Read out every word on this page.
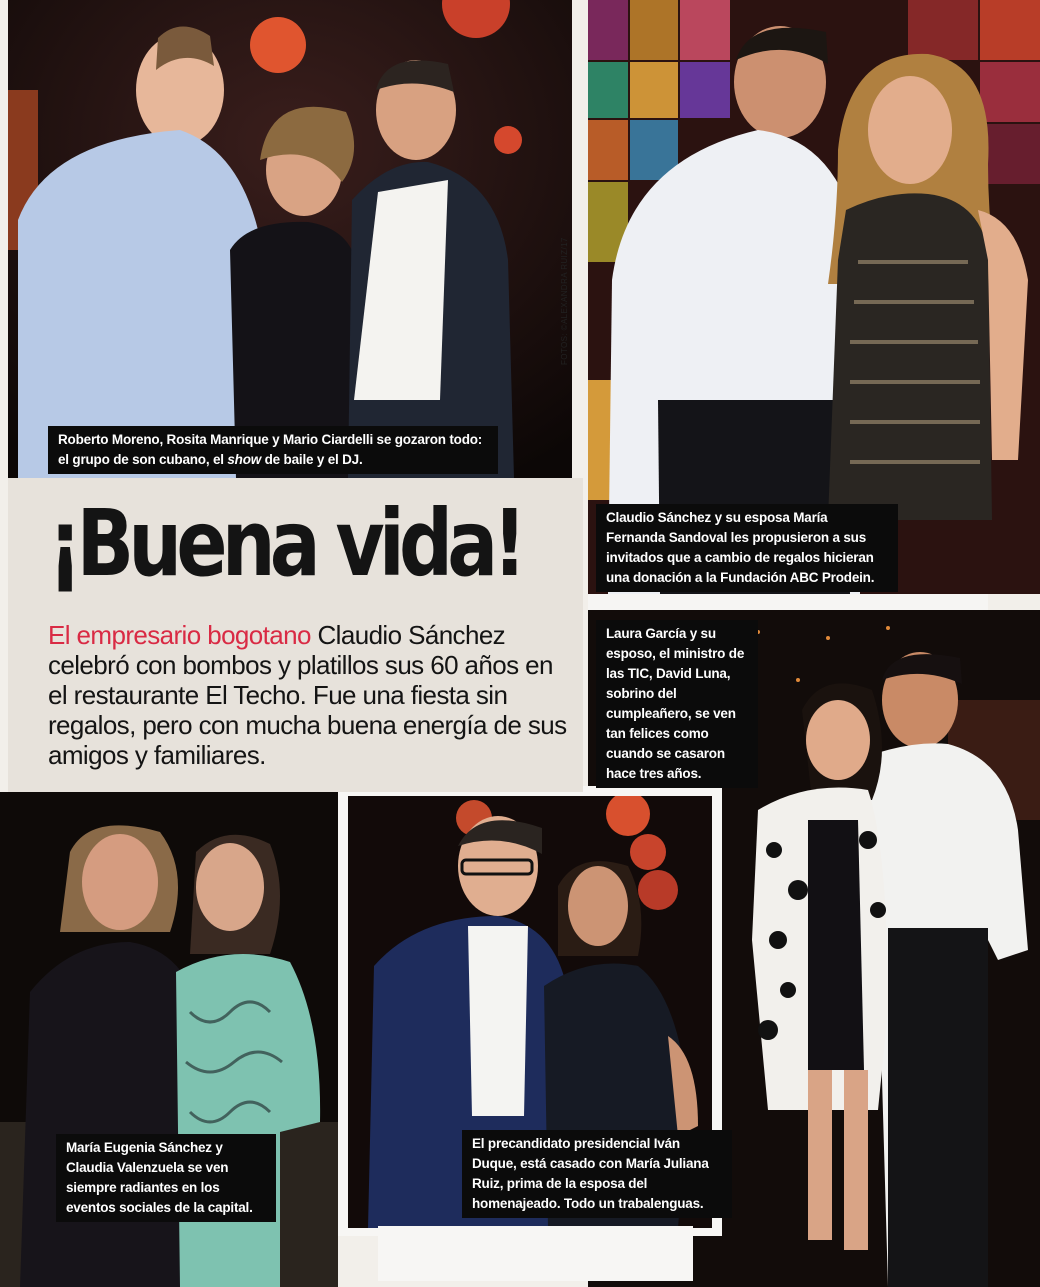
¡Buena vida!

El empresario bogotano Claudio Sánchez celebró con bombos y platillos sus 60 años en el restaurante El Techo. Fue una fiesta sin regalos, pero con mucha buena energía de sus amigos y familiares.

FOTOS: ©ALEXANDRA RUIZ/17
Roberto Moreno, Rosita Manrique y Mario Ciardelli se gozaron todo: el grupo de son cubano, el show de baile y el DJ.
Claudio Sánchez y su esposa María Fernanda Sandoval les propusieron a sus invitados que a cambio de regalos hicieran una donación a la Fundación ABC Prodein.
Laura García y su esposo, el ministro de las TIC, David Luna, sobrino del cumpleañero, se ven tan felices como cuando se casaron hace tres años.
María Eugenia Sánchez y Claudia Valenzuela se ven siempre radiantes en los eventos sociales de la capital.
El precandidato presidencial Iván Duque, está casado con María Juliana Ruiz, prima de la esposa del homenajeado. Todo un trabalenguas.
